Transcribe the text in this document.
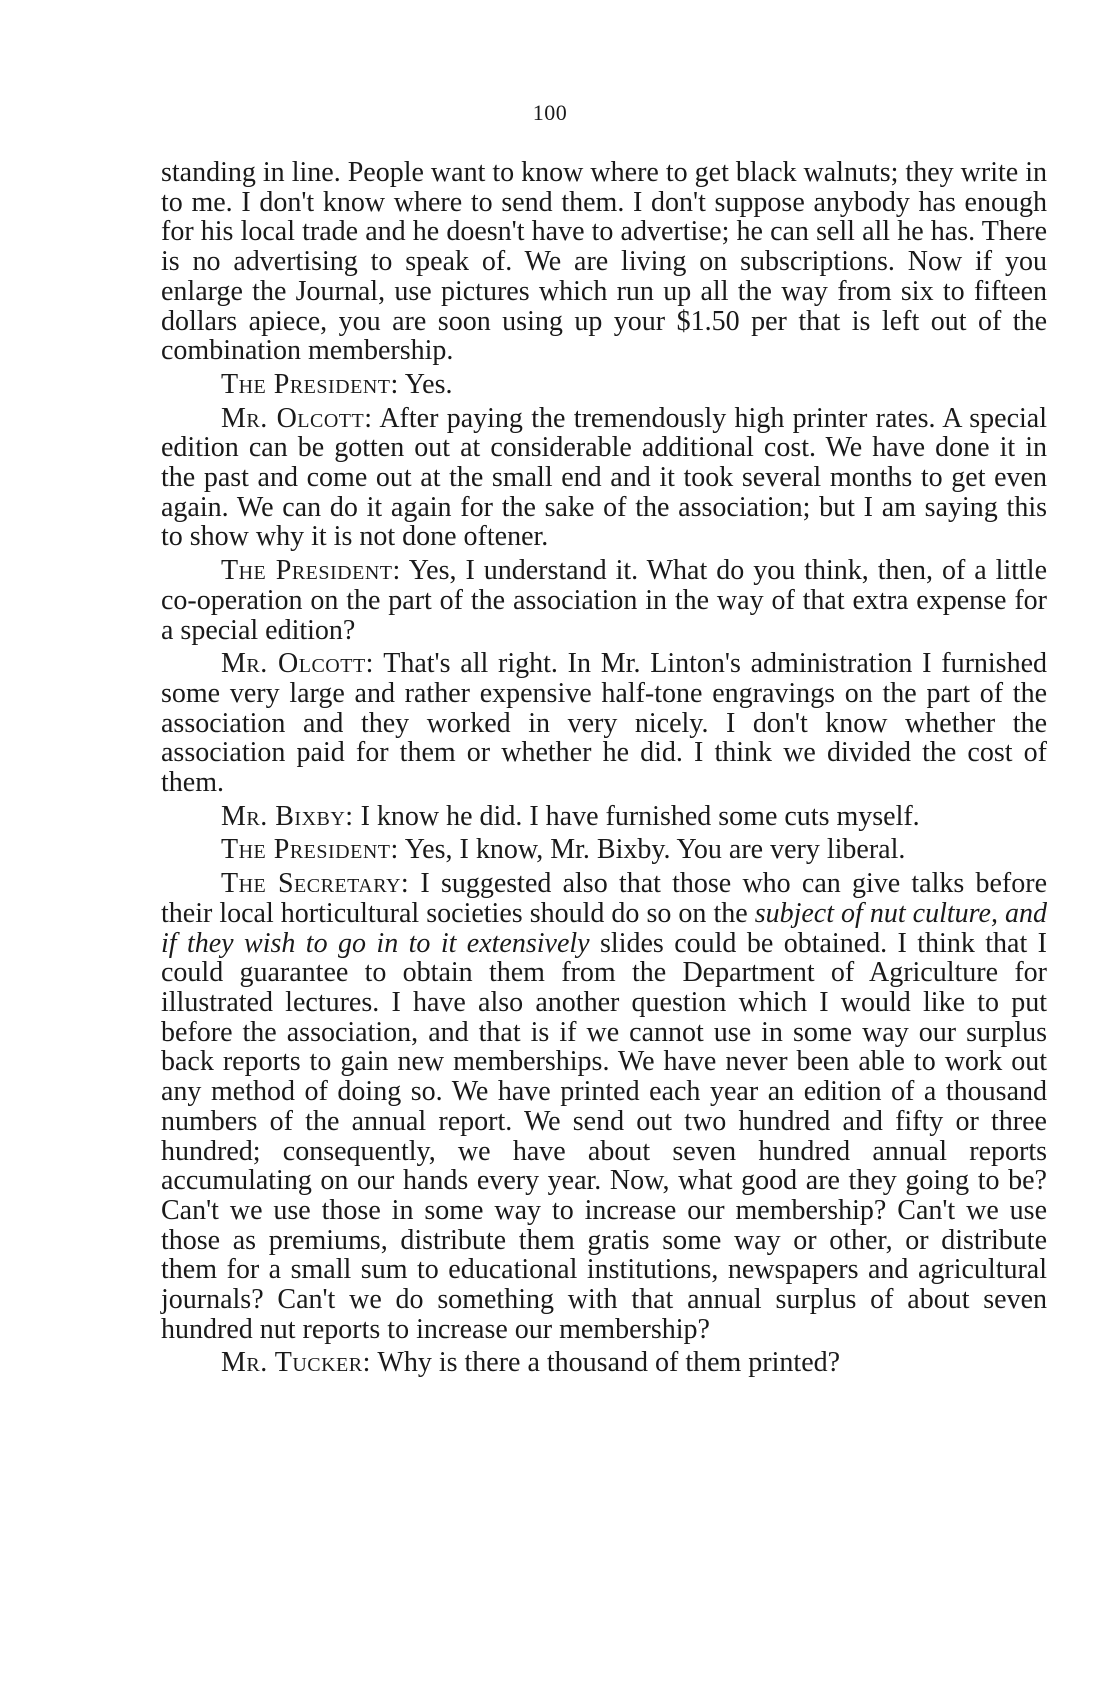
100

standing in line. People want to know where to get black walnuts; they write in to me. I don't know where to send them. I don't suppose anybody has enough for his local trade and he doesn't have to advertise; he can sell all he has. There is no advertising to speak of. We are living on subscriptions. Now if you enlarge the Journal, use pictures which run up all the way from six to fifteen dollars apiece, you are soon using up your $1.50 per that is left out of the combination membership.

The President: Yes.

Mr. Olcott: After paying the tremendously high printer rates. A special edition can be gotten out at considerable additional cost. We have done it in the past and come out at the small end and it took several months to get even again. We can do it again for the sake of the association; but I am saying this to show why it is not done oftener.

The President: Yes, I understand it. What do you think, then, of a little co-operation on the part of the association in the way of that extra expense for a special edition?

Mr. Olcott: That's all right. In Mr. Linton's administration I furnished some very large and rather expensive half-tone engravings on the part of the association and they worked in very nicely. I don't know whether the association paid for them or whether he did. I think we divided the cost of them.

Mr. Bixby: I know he did. I have furnished some cuts myself.

The President: Yes, I know, Mr. Bixby. You are very liberal.

The Secretary: I suggested also that those who can give talks before their local horticultural societies should do so on the subject of nut culture, and if they wish to go in to it extensively slides could be obtained. I think that I could guarantee to obtain them from the Department of Agriculture for illustrated lectures. I have also another question which I would like to put before the association, and that is if we cannot use in some way our surplus back reports to gain new memberships. We have never been able to work out any method of doing so. We have printed each year an edition of a thousand numbers of the annual report. We send out two hundred and fifty or three hundred; consequently, we have about seven hundred annual reports accumulating on our hands every year. Now, what good are they going to be? Can't we use those in some way to increase our membership? Can't we use those as premiums, distribute them gratis some way or other, or distribute them for a small sum to educational institutions, newspapers and agricultural journals? Can't we do something with that annual surplus of about seven hundred nut reports to increase our membership?

Mr. Tucker: Why is there a thousand of them printed?
